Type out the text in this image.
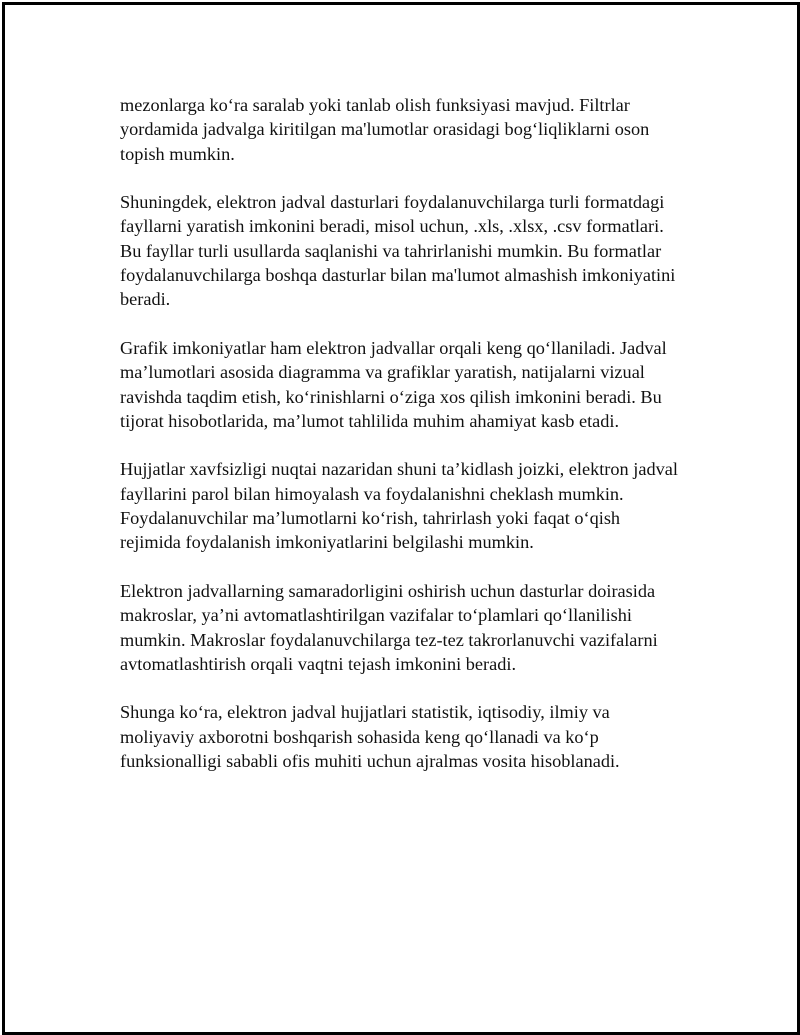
mezonlarga ko‘ra saralab yoki tanlab olish funksiyasi mavjud. Filtrlar
yordamida jadvalga kiritilgan ma'lumotlar orasidagi bog‘liqliklarni oson
topish mumkin.

Shuningdek, elektron jadval dasturlari foydalanuvchilarga turli formatdagi
fayllarni yaratish imkonini beradi, misol uchun, .xls, .xlsx, .csv formatlari.
Bu fayllar turli usullarda saqlanishi va tahrirlanishi mumkin. Bu formatlar
foydalanuvchilarga boshqa dasturlar bilan ma'lumot almashish imkoniyatini
beradi.

Grafik imkoniyatlar ham elektron jadvallar orqali keng qo‘llaniladi. Jadval
ma’lumotlari asosida diagramma va grafiklar yaratish, natijalarni vizual
ravishda taqdim etish, ko‘rinishlarni o‘ziga xos qilish imkonini beradi. Bu
tijorat hisobotlarida, ma’lumot tahlilida muhim ahamiyat kasb etadi.

Hujjatlar xavfsizligi nuqtai nazaridan shuni ta’kidlash joizki, elektron jadval
fayllarini parol bilan himoyalash va foydalanishni cheklash mumkin.
Foydalanuvchilar ma’lumotlarni ko‘rish, tahrirlash yoki faqat o‘qish
rejimida foydalanish imkoniyatlarini belgilashi mumkin.

Elektron jadvallarning samaradorligini oshirish uchun dasturlar doirasida
makroslar, ya’ni avtomatlashtirilgan vazifalar to‘plamlari qo‘llanilishi
mumkin. Makroslar foydalanuvchilarga tez-tez takrorlanuvchi vazifalarni
avtomatlashtirish orqali vaqtni tejash imkonini beradi.

Shunga ko‘ra, elektron jadval hujjatlari statistik, iqtisodiy, ilmiy va
moliyaviy axborotni boshqarish sohasida keng qo‘llanadi va ko‘p
funksionalligi sababli ofis muhiti uchun ajralmas vosita hisoblanadi.
